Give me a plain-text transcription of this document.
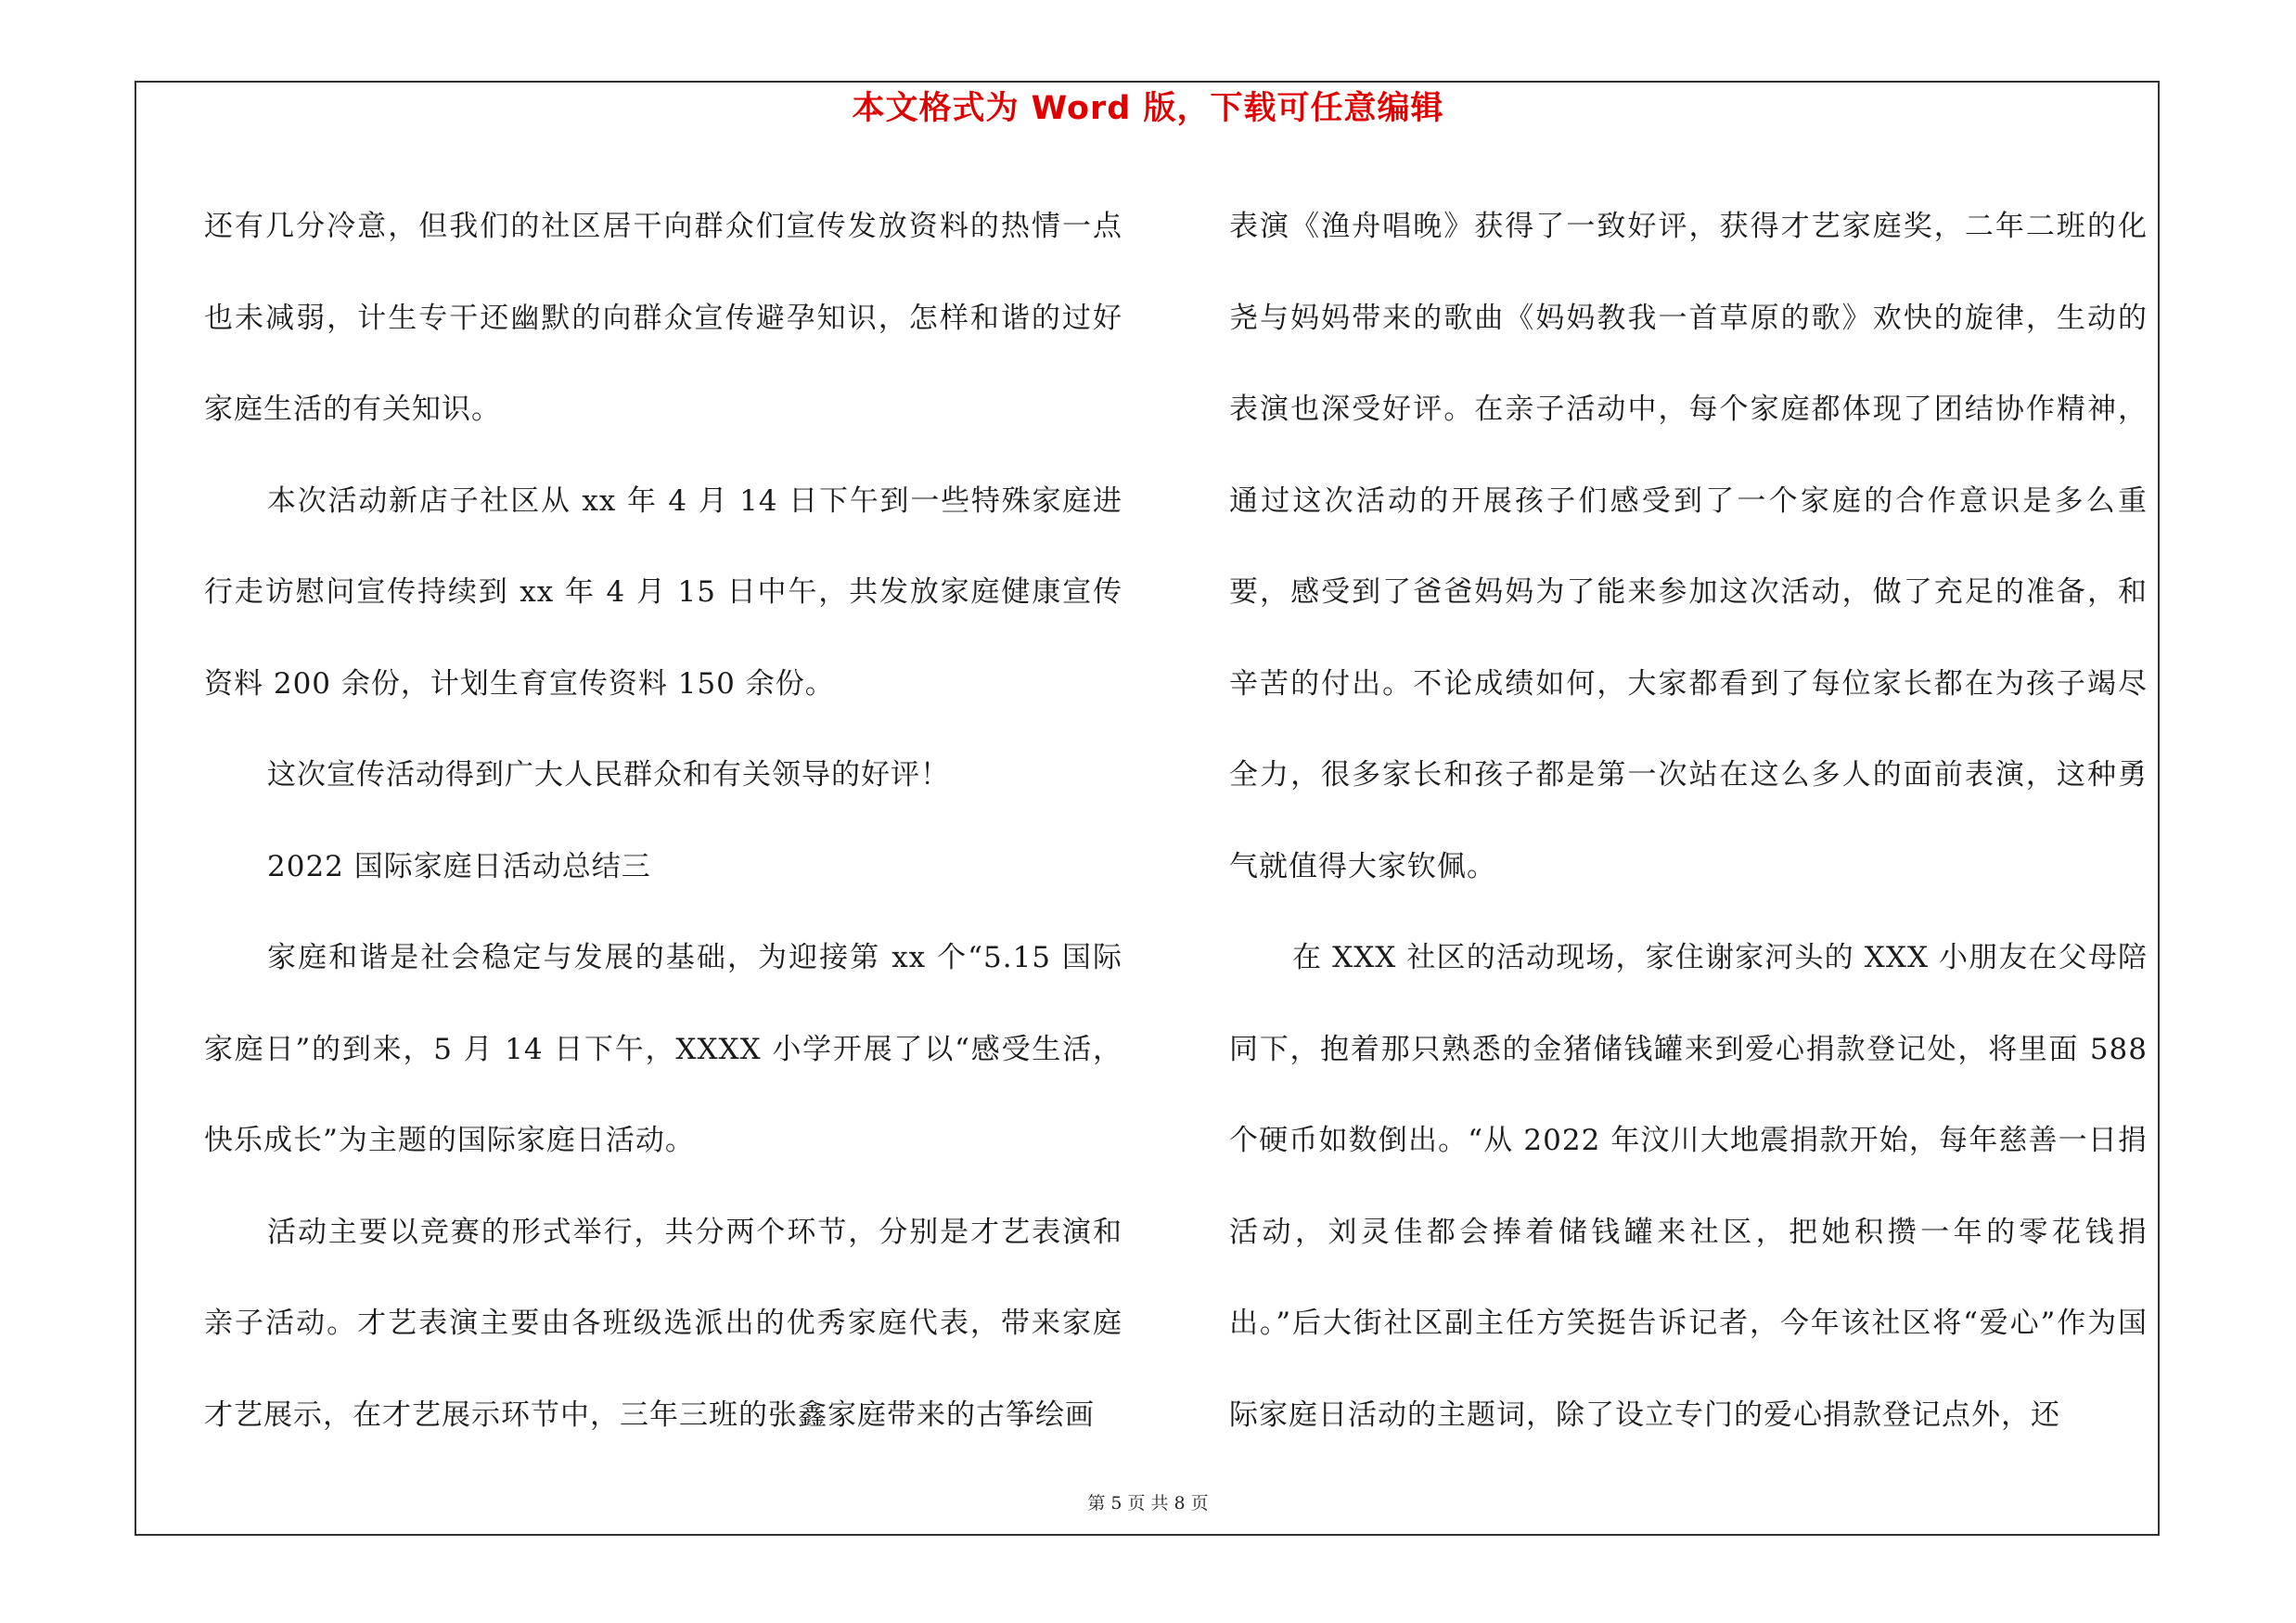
本文格式为 Word 版，下载可任意编辑

还有几分冷意，但我们的社区居干向群众们宣传发放资料的热情一点也未减弱，计生专干还幽默的向群众宣传避孕知识，怎样和谐的过好家庭生活的有关知识。

本次活动新店子社区从 xx 年 4 月 14 日下午到一些特殊家庭进行走访慰问宣传持续到 xx 年 4 月 15 日中午，共发放家庭健康宣传资料 200 余份，计划生育宣传资料 150 余份。

这次宣传活动得到广大人民群众和有关领导的好评！

2022 国际家庭日活动总结三

家庭和谐是社会稳定与发展的基础，为迎接第 xx 个“5.15 国际家庭日”的到来，5 月 14 日下午，XXXX 小学开展了以“感受生活，快乐成长”为主题的国际家庭日活动。

活动主要以竞赛的形式举行，共分两个环节，分别是才艺表演和亲子活动。才艺表演主要由各班级选派出的优秀家庭代表，带来家庭才艺展示，在才艺展示环节中，三年三班的张鑫家庭带来的古筝绘画

表演《渔舟唱晚》获得了一致好评，获得才艺家庭奖，二年二班的化尧与妈妈带来的歌曲《妈妈教我一首草原的歌》欢快的旋律，生动的表演也深受好评。在亲子活动中，每个家庭都体现了团结协作精神，通过这次活动的开展孩子们感受到了一个家庭的合作意识是多么重要，感受到了爸爸妈妈为了能来参加这次活动，做了充足的准备，和辛苦的付出。不论成绩如何，大家都看到了每位家长都在为孩子竭尽全力，很多家长和孩子都是第一次站在这么多人的面前表演，这种勇气就值得大家钦佩。

在 XXX 社区的活动现场，家住谢家河头的 XXX 小朋友在父母陪同下，抱着那只熟悉的金猪储钱罐来到爱心捐款登记处，将里面 588 个硬币如数倒出。“从 2022 年汶川大地震捐款开始，每年慈善一日捐活动，刘灵佳都会捧着储钱罐来社区，把她积攒一年的零花钱捐出。”后大街社区副主任方笑挺告诉记者，今年该社区将“爱心”作为国际家庭日活动的主题词，除了设立专门的爱心捐款登记点外，还

第 5 页 共 8 页
